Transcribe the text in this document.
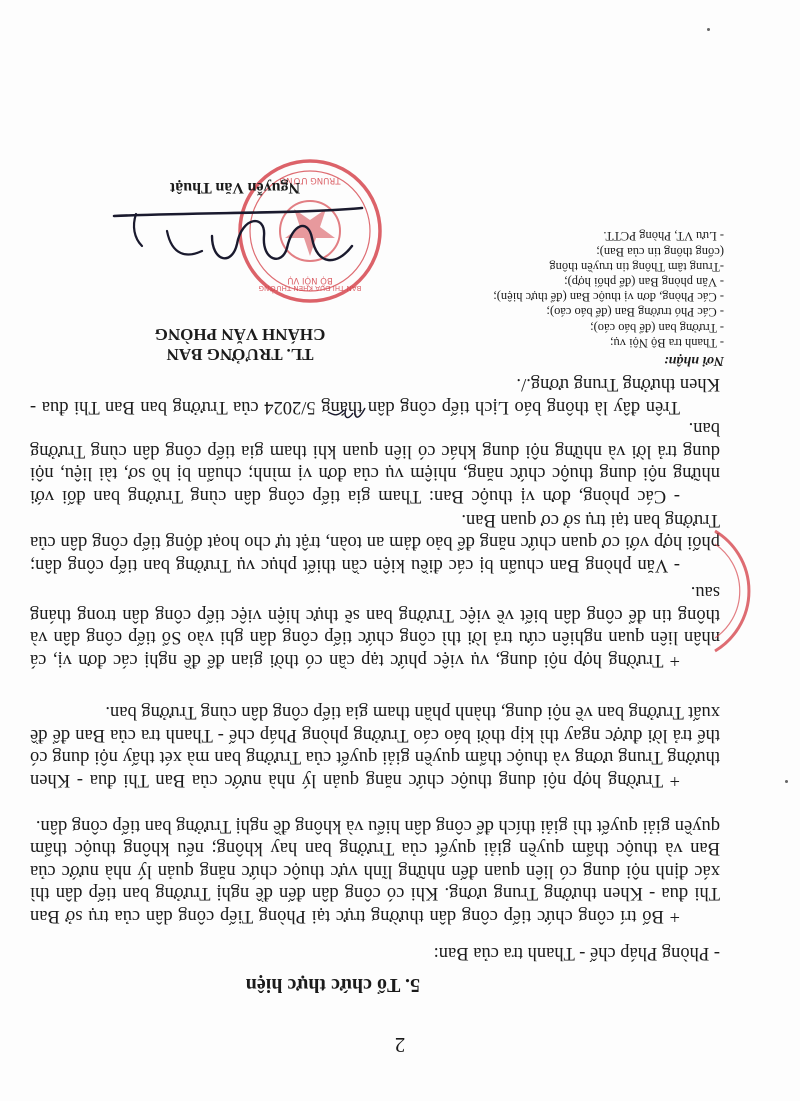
2
5. Tổ chức thực hiện

- Phòng Pháp chế - Thanh tra của Ban:

+ Bố trí công chức tiếp công dân thường trực tại Phòng Tiếp công dân của trụ sở Ban Thi đua - Khen thưởng Trung ương. Khi có công dân đến đề nghị Trưởng ban tiếp dân thì xác định nội dung có liên quan đến những lĩnh vực thuộc chức năng quản lý nhà nước của Ban và thuộc thẩm quyền giải quyết của Trưởng ban hay không; nếu không thuộc thẩm quyền giải quyết thì giải thích để công dân hiểu và không đề nghị Trưởng ban tiếp công dân.

+ Trường hợp nội dung thuộc chức năng quản lý nhà nước của Ban Thi đua - Khen thưởng Trung ương và thuộc thẩm quyền giải quyết của Trưởng ban mà xét thấy nội dung có thể trả lời được ngay thì kịp thời báo cáo Trưởng phòng Pháp chế - Thanh tra của Ban để đề xuất Trưởng ban về nội dung, thành phần tham gia tiếp công dân cùng Trưởng ban.

+ Trường hợp nội dung, vụ việc phức tạp cần có thời gian để đề nghị các đơn vị, cá nhân liên quan nghiên cứu trả lời thì công chức tiếp công dân ghi vào Sổ tiếp công dân và thông tin để công dân biết về việc Trưởng ban sẽ thực hiện việc tiếp công dân trong tháng sau.

- Văn phòng Ban chuẩn bị các điều kiện cần thiết phục vụ Trưởng ban tiếp công dân; phối hợp với cơ quan chức năng để bảo đảm an toàn, trật tự cho hoạt động tiếp công dân của Trưởng ban tại trụ sở cơ quan Ban.

- Các phòng, đơn vị thuộc Ban: Tham gia tiếp công dân cùng Trưởng ban đối với những nội dung thuộc chức năng, nhiệm vụ của đơn vị mình; chuẩn bị hồ sơ, tài liệu, nội dung trả lời và những nội dung khác có liên quan khi tham gia tiếp công dân cùng Trưởng ban.

Trên đây là thông báo Lịch tiếp công dân tháng 5/2024 của Trưởng ban Ban Thi đua - Khen thưởng Trung ương./.

Nơi nhận:
- Thanh tra Bộ Nội vụ;
- Trưởng ban (để báo cáo);
- Các Phó trưởng Ban (để báo cáo);
- Các Phòng, đơn vị thuộc Ban (để thực hiện);
- Văn phòng Ban (để phối hợp);
-Trung tâm Thông tin truyền thông
(cổng thông tin của Ban);
- Lưu VT, Phòng PCTT.
TL. TRƯỞNG BAN
CHÁNH VĂN PHÒNG
BỘ NỘI VỤ
TRUNG ƯƠNG
BAN THI ĐUA KHEN THƯỞNG
Nguyễn Văn Thuật
